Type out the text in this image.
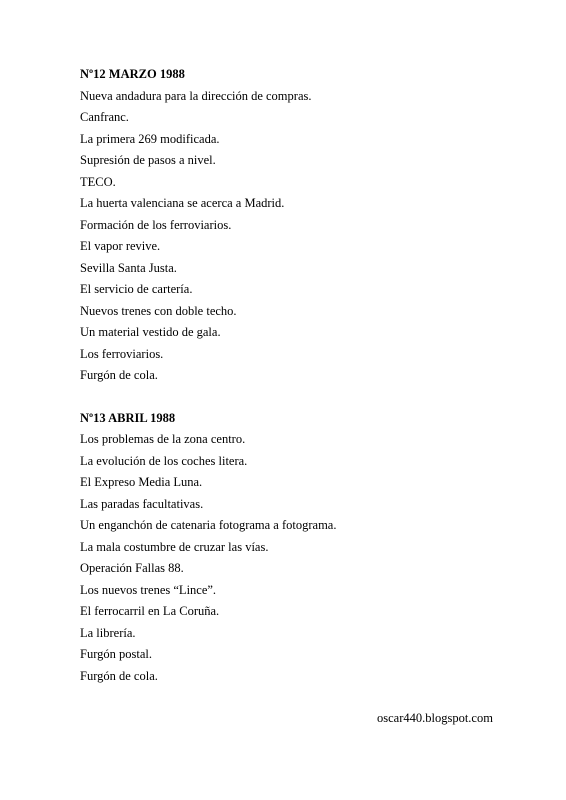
Nº12 MARZO 1988

Nueva andadura para la dirección de compras.

Canfranc.

La primera 269 modificada.

Supresión de pasos a nivel.

TECO.

La huerta valenciana se acerca a Madrid.

Formación de los ferroviarios.

El vapor revive.

Sevilla Santa Justa.

El servicio de cartería.

Nuevos trenes con doble techo.

Un material vestido de gala.

Los ferroviarios.

Furgón de cola.

Nº13 ABRIL 1988

Los problemas de la zona centro.

La evolución de los coches litera.

El Expreso Media Luna.

Las paradas facultativas.

Un enganchón de catenaria fotograma a fotograma.

La mala costumbre de cruzar las vías.

Operación Fallas 88.

Los nuevos trenes “Lince”.

El ferrocarril en La Coruña.

La librería.

Furgón postal.

Furgón de cola.

oscar440.blogspot.com
